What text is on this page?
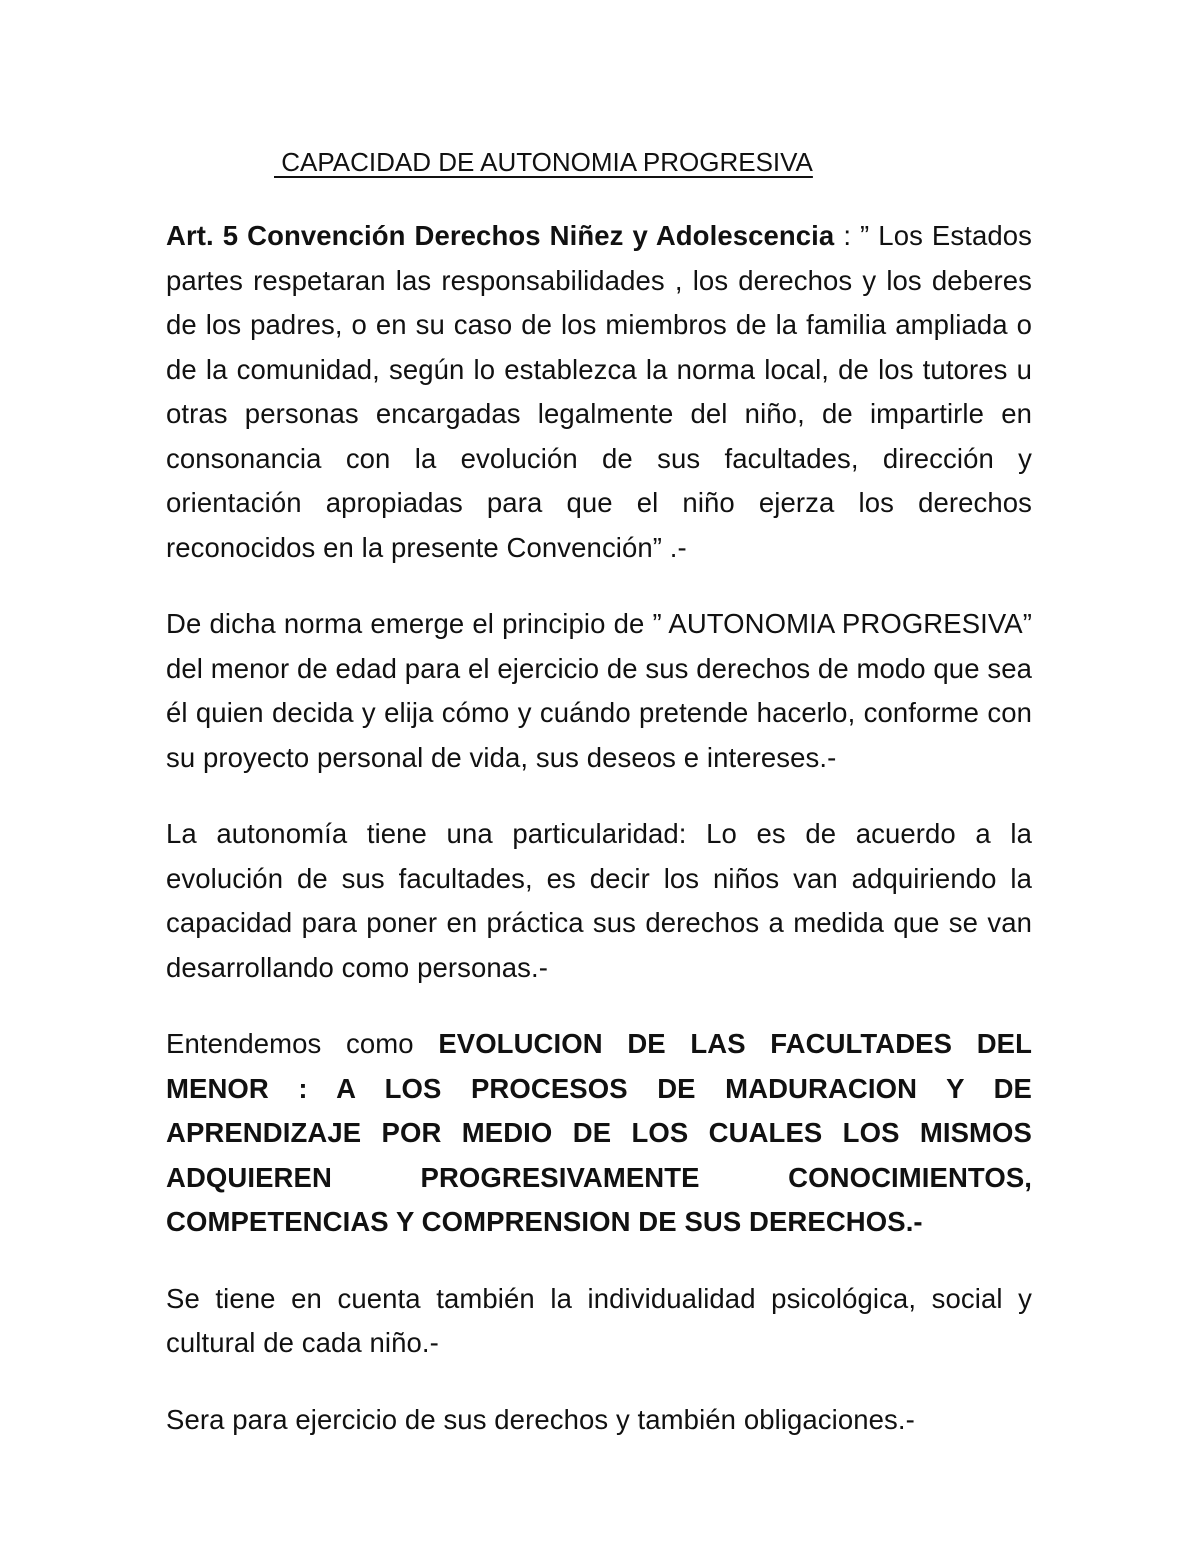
CAPACIDAD DE AUTONOMIA PROGRESIVA

Art. 5 Convención Derechos Niñez y Adolescencia : ” Los Estados partes respetaran las responsabilidades , los derechos y los deberes de los padres, o en su caso de los miembros de la familia ampliada o de la comunidad, según lo establezca la norma local, de los tutores u otras personas encargadas legalmente del niño, de impartirle en consonancia con la evolución de sus facultades, dirección y orientación apropiadas para que el niño ejerza los derechos reconocidos en la presente Convención” .-

De dicha norma emerge el principio de ” AUTONOMIA PROGRESIVA” del menor de edad para el ejercicio de sus derechos de modo que sea él quien decida y elija cómo y cuándo pretende hacerlo, conforme con su proyecto personal de vida, sus deseos e intereses.-

La autonomía tiene una particularidad: Lo es de acuerdo a la evolución de sus facultades, es decir los niños van adquiriendo la capacidad para poner en práctica sus derechos a medida que se van desarrollando como personas.-

Entendemos como EVOLUCION DE LAS FACULTADES DEL MENOR : A LOS PROCESOS DE MADURACION Y DE APRENDIZAJE POR MEDIO DE LOS CUALES LOS MISMOS ADQUIEREN PROGRESIVAMENTE CONOCIMIENTOS, COMPETENCIAS Y COMPRENSION DE SUS DERECHOS.-

Se tiene en cuenta también la individualidad psicológica, social y cultural de cada niño.-

Sera para ejercicio de sus derechos y también obligaciones.-
